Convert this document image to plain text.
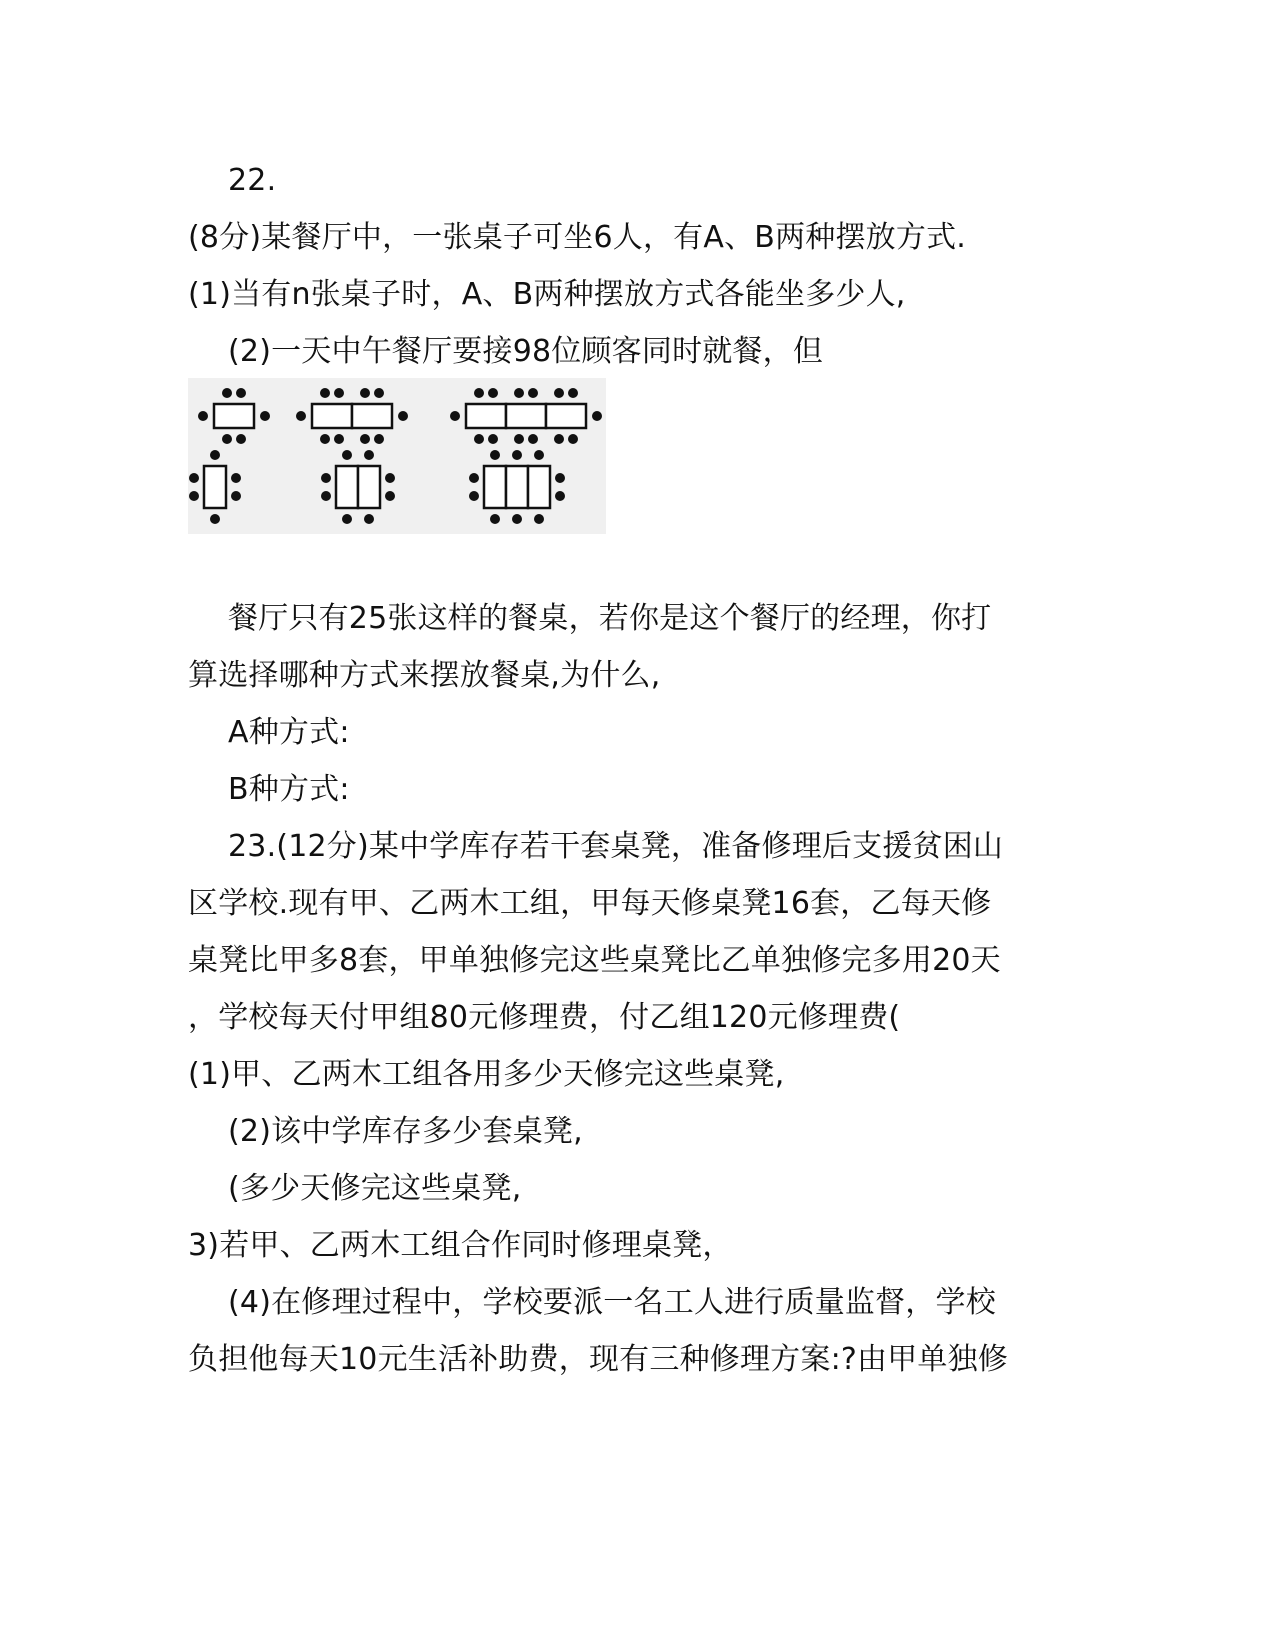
22.
(8分)某餐厅中，一张桌子可坐6人，有A、B两种摆放方式.
(1)当有n张桌子时，A、B两种摆放方式各能坐多少人,
(2)一天中午餐厅要接98位顾客同时就餐，但
餐厅只有25张这样的餐桌，若你是这个餐厅的经理，你打
算选择哪种方式来摆放餐桌,为什么,
A种方式:
B种方式:
23.(12分)某中学库存若干套桌凳，准备修理后支援贫困山
区学校.现有甲、乙两木工组，甲每天修桌凳16套，乙每天修
桌凳比甲多8套，甲单独修完这些桌凳比乙单独修完多用20天
，学校每天付甲组80元修理费，付乙组120元修理费(
(1)甲、乙两木工组各用多少天修完这些桌凳,
(2)该中学库存多少套桌凳,
(多少天修完这些桌凳,
3)若甲、乙两木工组合作同时修理桌凳，
(4)在修理过程中，学校要派一名工人进行质量监督，学校
负担他每天10元生活补助费，现有三种修理方案:?由甲单独修
